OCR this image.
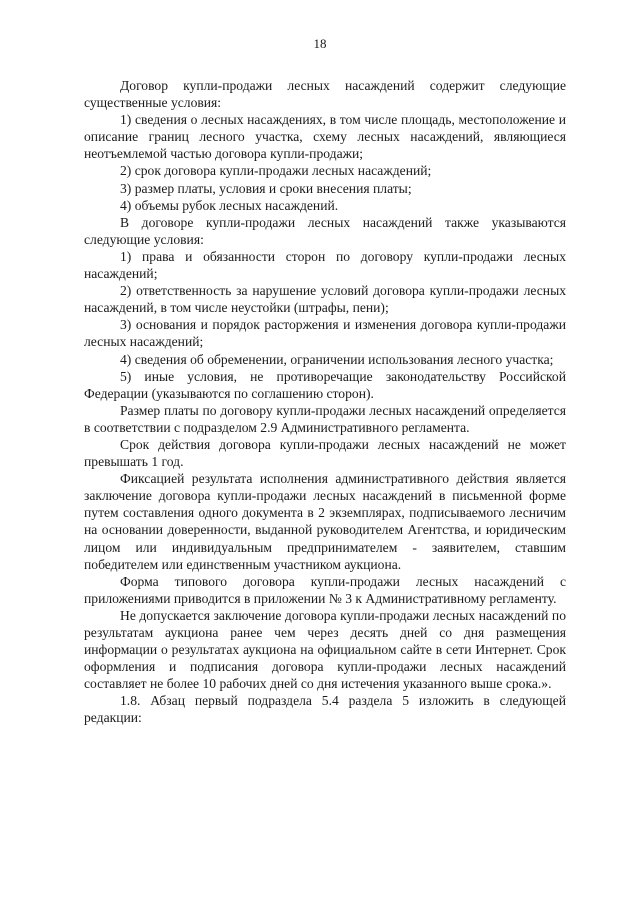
18

Договор купли-продажи лесных насаждений содержит следующие существенные условия:

1) сведения о лесных насаждениях, в том числе площадь, местоположение и описание границ лесного участка, схему лесных насаждений, являющиеся неотъемлемой частью договора купли-продажи;

2) срок договора купли-продажи лесных насаждений;

3) размер платы, условия и сроки внесения платы;

4) объемы рубок лесных насаждений.

В договоре купли-продажи лесных насаждений также указываются следующие условия:

1) права и обязанности сторон по договору купли-продажи лесных насаждений;

2) ответственность за нарушение условий договора купли-продажи лесных насаждений, в том числе неустойки (штрафы, пени);

3) основания и порядок расторжения и изменения договора купли-продажи лесных насаждений;

4) сведения об обременении, ограничении использования лесного участка;

5) иные условия, не противоречащие законодательству Российской Федерации (указываются по соглашению сторон).

Размер платы по договору купли-продажи лесных насаждений определяется в соответствии с подразделом 2.9 Административного регламента.

Срок действия договора купли-продажи лесных насаждений не может превышать 1 год.

Фиксацией результата исполнения административного действия является заключение договора купли-продажи лесных насаждений в письменной форме путем составления одного документа в 2 экземплярах, подписываемого лесничим на основании доверенности, выданной руководителем Агентства, и юридическим лицом или индивидуальным предпринимателем - заявителем, ставшим победителем или единственным участником аукциона.

Форма типового договора купли-продажи лесных насаждений с приложениями приводится в приложении № 3 к Административному регламенту.

Не допускается заключение договора купли-продажи лесных насаждений по результатам аукциона ранее чем через десять дней со дня размещения информации о результатах аукциона на официальном сайте в сети Интернет. Срок оформления и подписания договора купли-продажи лесных насаждений составляет не более 10 рабочих дней со дня истечения указанного выше срока.».

1.8. Абзац первый подраздела 5.4 раздела 5 изложить в следующей редакции:
